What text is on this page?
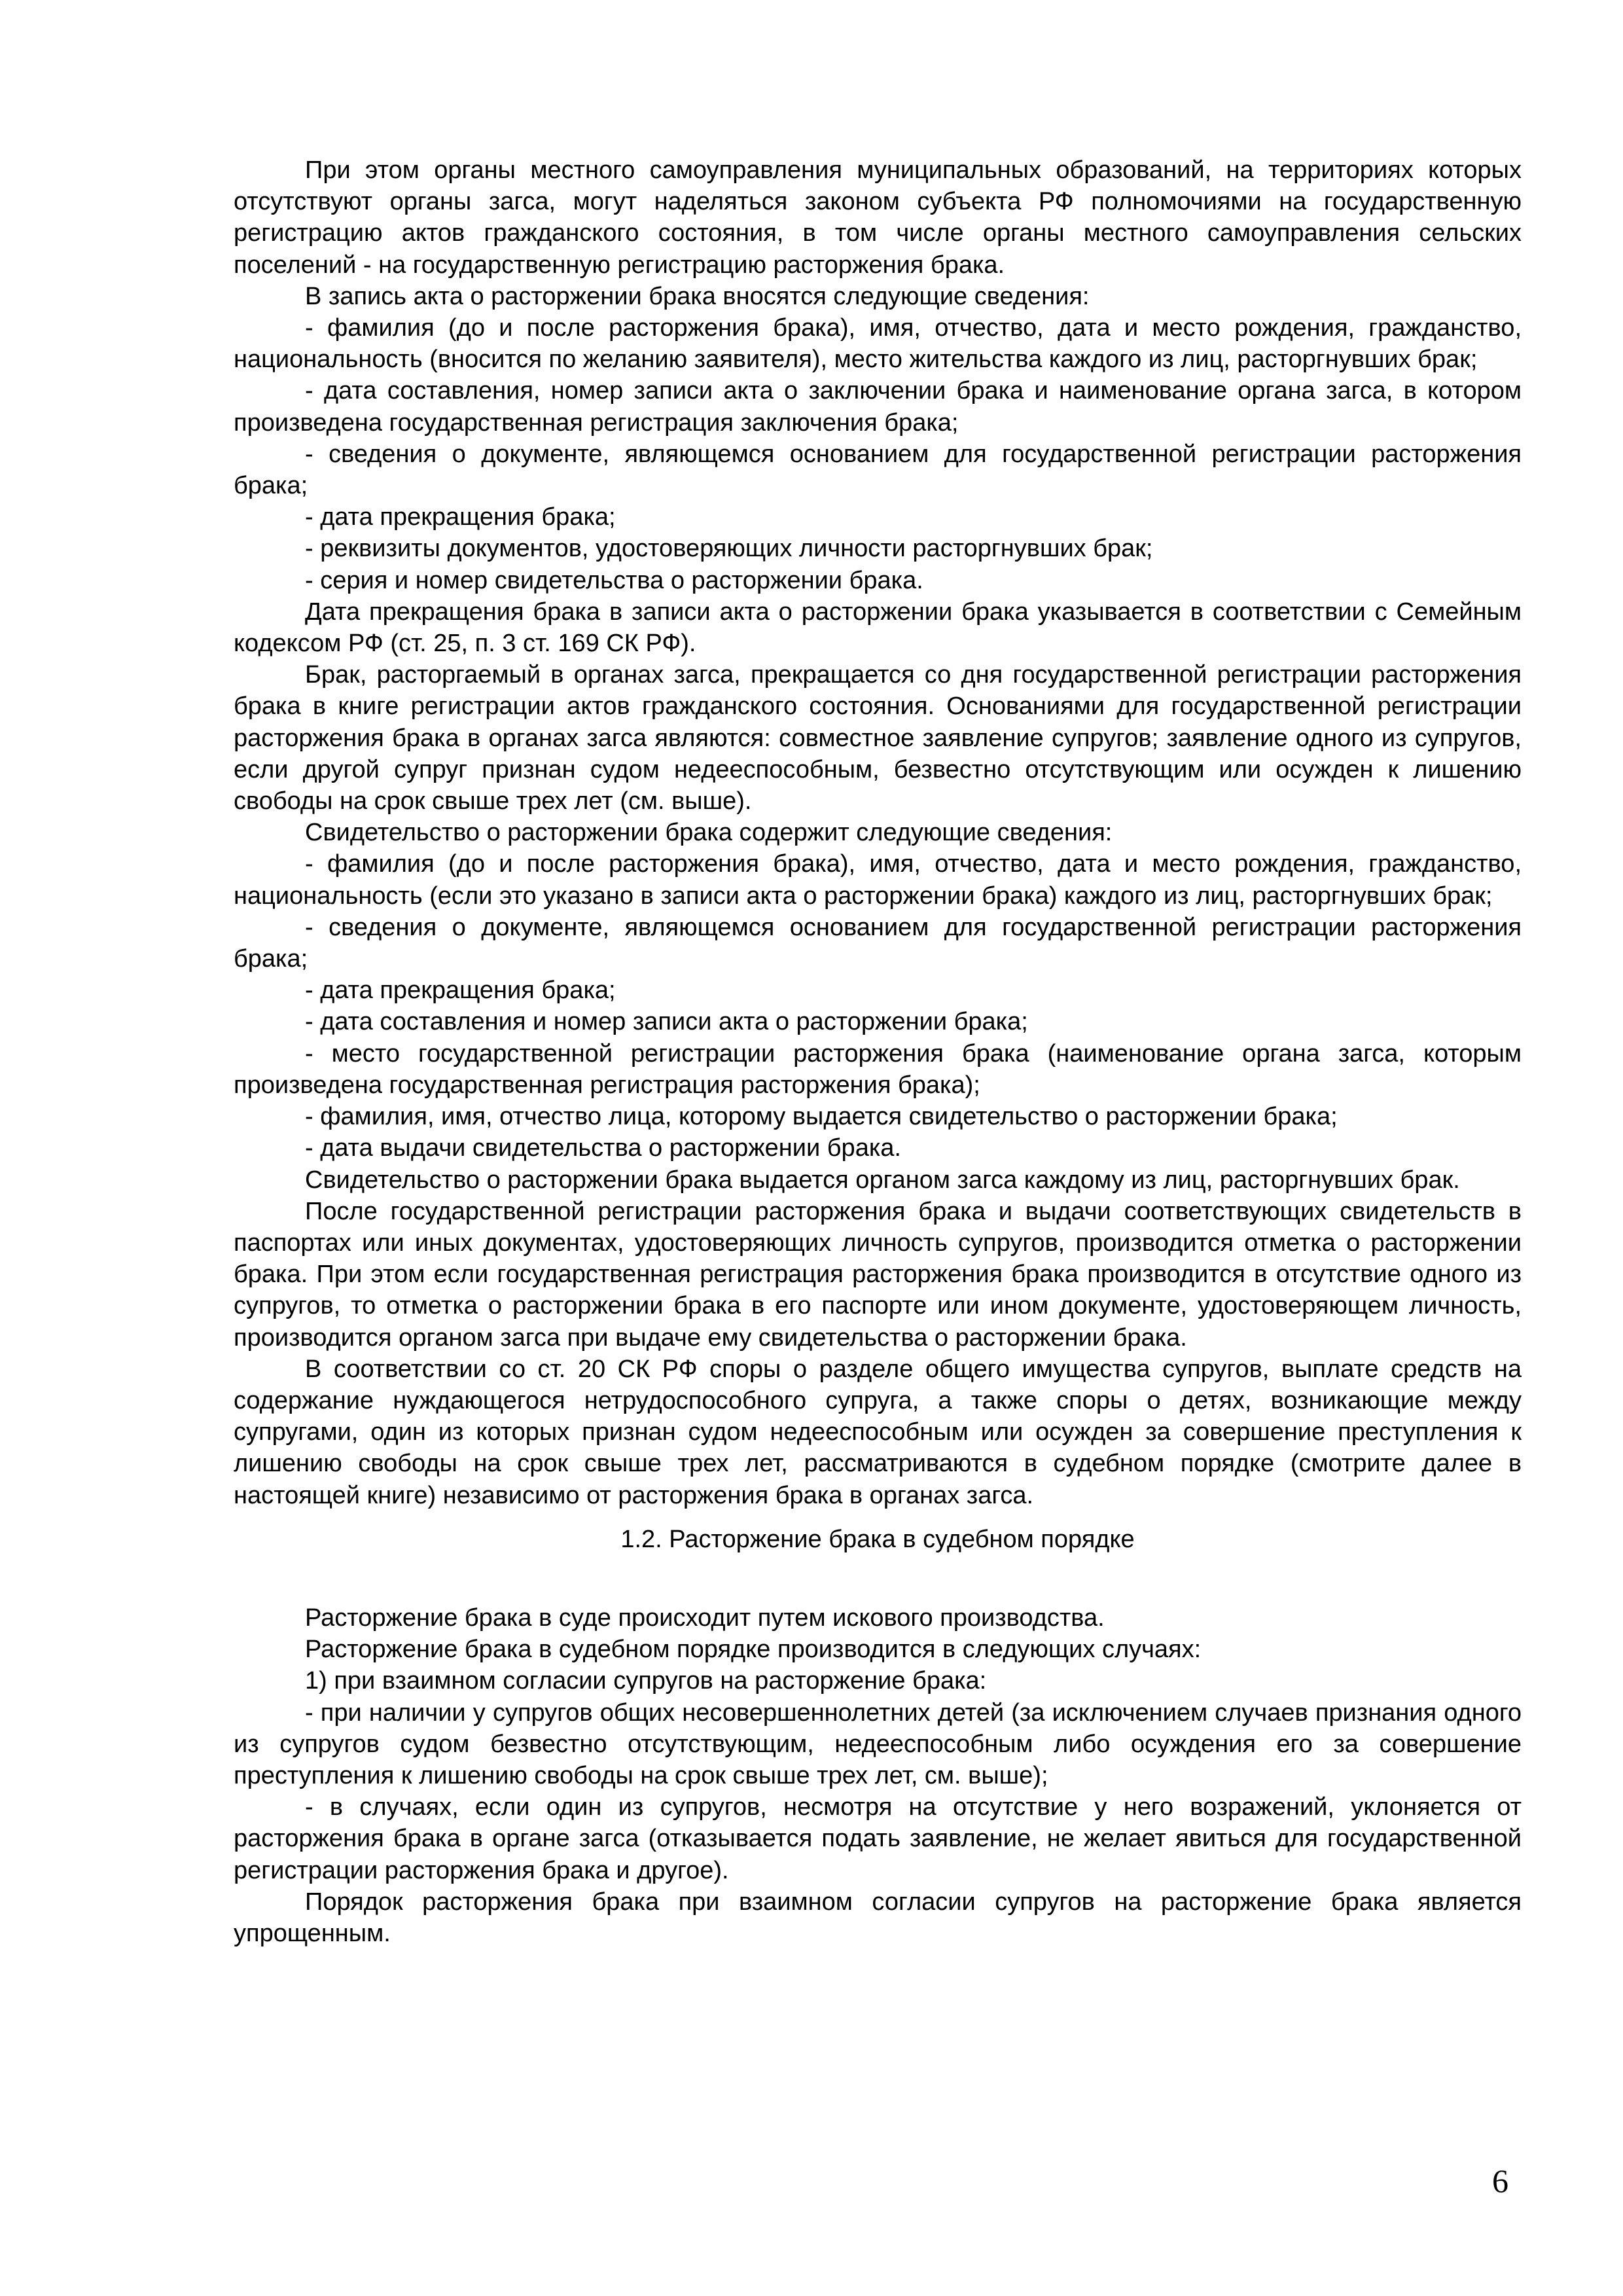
При этом органы местного самоуправления муниципальных образований, на территориях которых отсутствуют органы загса, могут наделяться законом субъекта РФ полномочиями на государственную регистрацию актов гражданского состояния, в том числе органы местного самоуправления сельских поселений - на государственную регистрацию расторжения брака.

В запись акта о расторжении брака вносятся следующие сведения:

- фамилия (до и после расторжения брака), имя, отчество, дата и место рождения, гражданство, национальность (вносится по желанию заявителя), место жительства каждого из лиц, расторгнувших брак;

- дата составления, номер записи акта о заключении брака и наименование органа загса, в котором произведена государственная регистрация заключения брака;

- сведения о документе, являющемся основанием для государственной регистрации расторжения брака;

- дата прекращения брака;

- реквизиты документов, удостоверяющих личности расторгнувших брак;

- серия и номер свидетельства о расторжении брака.

Дата прекращения брака в записи акта о расторжении брака указывается в соответствии с Семейным кодексом РФ (ст. 25, п. 3 ст. 169 СК РФ).

Брак, расторгаемый в органах загса, прекращается со дня государственной регистрации расторжения брака в книге регистрации актов гражданского состояния. Основаниями для государственной регистрации расторжения брака в органах загса являются: совместное заявление супругов; заявление одного из супругов, если другой супруг признан судом недееспособным, безвестно отсутствующим или осужден к лишению свободы на срок свыше трех лет (см. выше).

Свидетельство о расторжении брака содержит следующие сведения:

- фамилия (до и после расторжения брака), имя, отчество, дата и место рождения, гражданство, национальность (если это указано в записи акта о расторжении брака) каждого из лиц, расторгнувших брак;

- сведения о документе, являющемся основанием для государственной регистрации расторжения брака;

- дата прекращения брака;

- дата составления и номер записи акта о расторжении брака;

- место государственной регистрации расторжения брака (наименование органа загса, которым произведена государственная регистрация расторжения брака);

- фамилия, имя, отчество лица, которому выдается свидетельство о расторжении брака;

- дата выдачи свидетельства о расторжении брака.

Свидетельство о расторжении брака выдается органом загса каждому из лиц, расторгнувших брак.

После государственной регистрации расторжения брака и выдачи соответствующих свидетельств в паспортах или иных документах, удостоверяющих личность супругов, производится отметка о расторжении брака. При этом если государственная регистрация расторжения брака производится в отсутствие одного из супругов, то отметка о расторжении брака в его паспорте или ином документе, удостоверяющем личность, производится органом загса при выдаче ему свидетельства о расторжении брака.

В соответствии со ст. 20 СК РФ споры о разделе общего имущества супругов, выплате средств на содержание нуждающегося нетрудоспособного супруга, а также споры о детях, возникающие между супругами, один из которых признан судом недееспособным или осужден за совершение преступления к лишению свободы на срок свыше трех лет, рассматриваются в судебном порядке (смотрите далее в настоящей книге) независимо от расторжения брака в органах загса.

1.2. Расторжение брака в судебном порядке

Расторжение брака в суде происходит путем искового производства.

Расторжение брака в судебном порядке производится в следующих случаях:

1) при взаимном согласии супругов на расторжение брака:

- при наличии у супругов общих несовершеннолетних детей (за исключением случаев признания одного из супругов судом безвестно отсутствующим, недееспособным либо осуждения его за совершение преступления к лишению свободы на срок свыше трех лет, см. выше);

- в случаях, если один из супругов, несмотря на отсутствие у него возражений, уклоняется от расторжения брака в органе загса (отказывается подать заявление, не желает явиться для государственной регистрации расторжения брака и другое).

Порядок расторжения брака при взаимном согласии супругов на расторжение брака является упрощенным.

6
